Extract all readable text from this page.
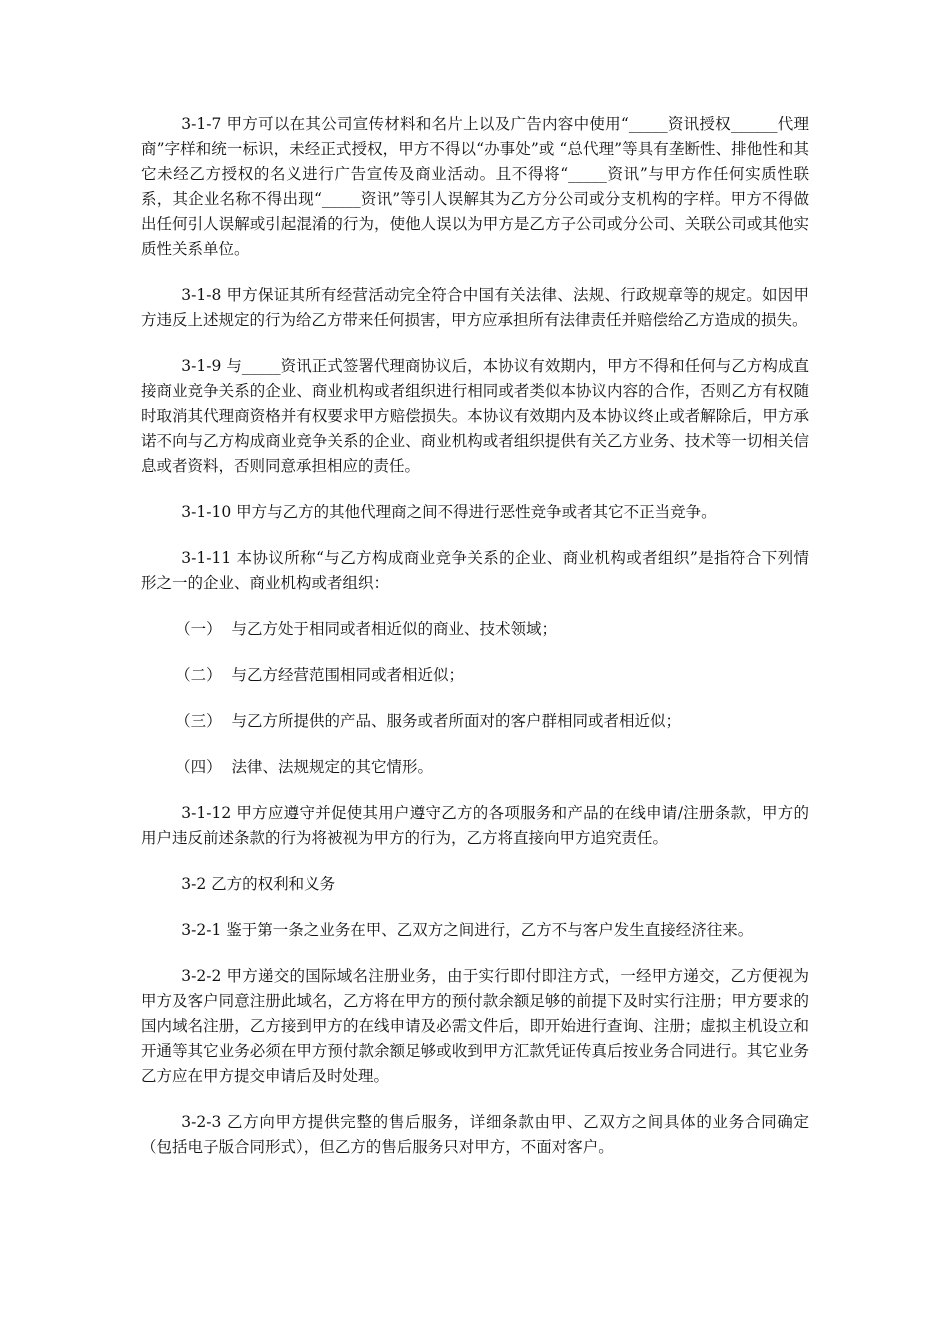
3-1-7 甲方可以在其公司宣传材料和名片上以及广告内容中使用“_____资讯授权______代理商”字样和统一标识，未经正式授权，甲方不得以“办事处”或 “总代理”等具有垄断性、排他性和其它未经乙方授权的名义进行广告宣传及商业活动。且不得将“_____资讯”与甲方作任何实质性联系，其企业名称不得出现“_____资讯”等引人误解其为乙方分公司或分支机构的字样。甲方不得做出任何引人误解或引起混淆的行为，使他人误以为甲方是乙方子公司或分公司、关联公司或其他实质性关系单位。

3-1-8 甲方保证其所有经营活动完全符合中国有关法律、法规、行政规章等的规定。如因甲方违反上述规定的行为给乙方带来任何损害，甲方应承担所有法律责任并赔偿给乙方造成的损失。

3-1-9 与_____资讯正式签署代理商协议后，本协议有效期内，甲方不得和任何与乙方构成直接商业竞争关系的企业、商业机构或者组织进行相同或者类似本协议内容的合作，否则乙方有权随时取消其代理商资格并有权要求甲方赔偿损失。本协议有效期内及本协议终止或者解除后，甲方承诺不向与乙方构成商业竞争关系的企业、商业机构或者组织提供有关乙方业务、技术等一切相关信息或者资料，否则同意承担相应的责任。

3-1-10 甲方与乙方的其他代理商之间不得进行恶性竞争或者其它不正当竞争。

3-1-11 本协议所称“与乙方构成商业竞争关系的企业、商业机构或者组织”是指符合下列情形之一的企业、商业机构或者组织：

（一）  与乙方处于相同或者相近似的商业、技术领域；

（二）  与乙方经营范围相同或者相近似；

（三）  与乙方所提供的产品、服务或者所面对的客户群相同或者相近似；

（四）  法律、法规规定的其它情形。

3-1-12 甲方应遵守并促使其用户遵守乙方的各项服务和产品的在线申请/注册条款，甲方的用户违反前述条款的行为将被视为甲方的行为，乙方将直接向甲方追究责任。

3-2 乙方的权利和义务

3-2-1 鉴于第一条之业务在甲、乙双方之间进行，乙方不与客户发生直接经济往来。

3-2-2 甲方递交的国际域名注册业务，由于实行即付即注方式，一经甲方递交，乙方便视为甲方及客户同意注册此域名，乙方将在甲方的预付款余额足够的前提下及时实行注册；甲方要求的国内域名注册，乙方接到甲方的在线申请及必需文件后，即开始进行查询、注册；虚拟主机设立和开通等其它业务必须在甲方预付款余额足够或收到甲方汇款凭证传真后按业务合同进行。其它业务乙方应在甲方提交申请后及时处理。

3-2-3 乙方向甲方提供完整的售后服务，详细条款由甲、乙双方之间具体的业务合同确定（包括电子版合同形式），但乙方的售后服务只对甲方，不面对客户。
